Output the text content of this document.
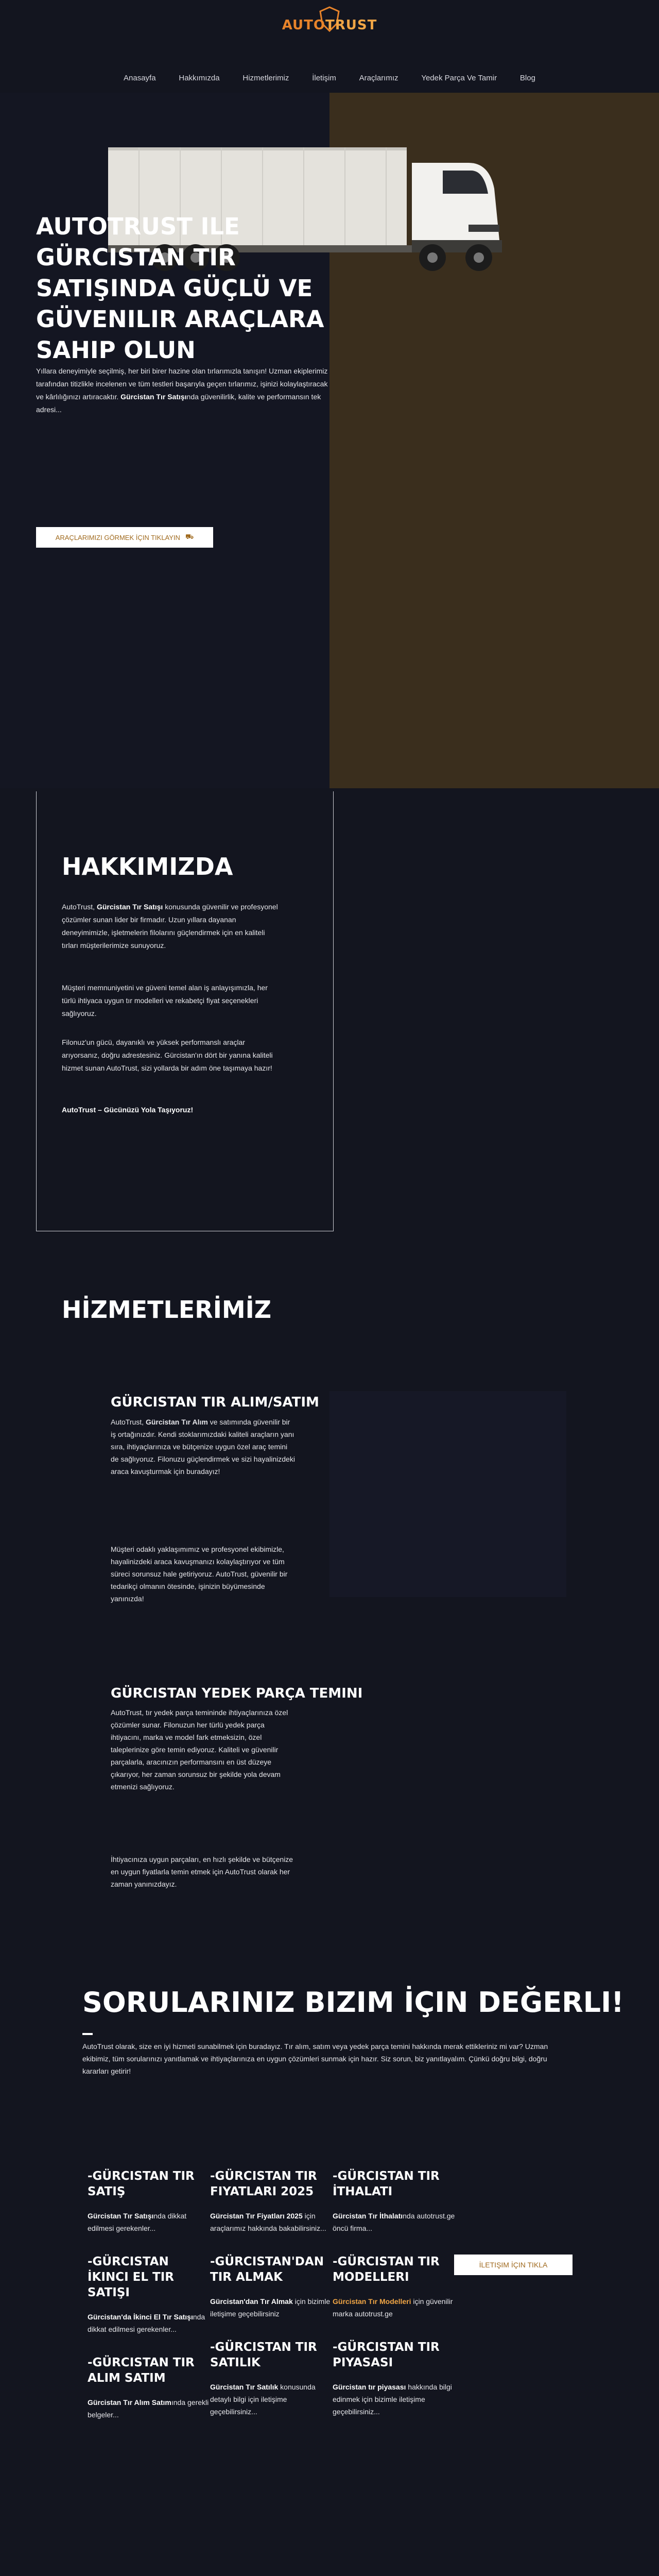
AUTOTRUST
Anasayfa	Hakkımızda	Hizmetlerimiz	İletişim	Araçlarımız	Yedek Parça Ve Tamir	Blog
AUTOTRUST ILE GÜRCISTAN TIR SATIŞINDA GÜÇLÜ VE GÜVENILIR ARAÇLARA SAHIP OLUN

Yıllara deneyimiyle seçilmiş, her biri birer hazine olan tırlarımızla tanışın! Uzman ekiplerimiz tarafından titizlikle incelenen ve tüm testleri başarıyla geçen tırlarımız, işinizi kolaylaştıracak ve kârlılığınızı artıracaktır. Gürcistan Tır Satışında güvenilirlik, kalite ve performansın tek adresi...

ARAÇLARIMIZI GÖRMEK İÇIN TIKLAYIN ⛟
HAKKIMIZDA

AutoTrust, Gürcistan Tır Satışı konusunda güvenilir ve profesyonel çözümler sunan lider bir firmadır. Uzun yıllara dayanan deneyimimizle, işletmelerin filolarını güçlendirmek için en kaliteli tırları müşterilerimize sunuyoruz.

Müşteri memnuniyetini ve güveni temel alan iş anlayışımızla, her türlü ihtiyaca uygun tır modelleri ve rekabetçi fiyat seçenekleri sağlıyoruz.

Filonuz'un gücü, dayanıklı ve yüksek performanslı araçlar arıyorsanız, doğru adrestesiniz. Gürcistan'ın dört bir yanına kaliteli hizmet sunan AutoTrust, sizi yollarda bir adım öne taşımaya hazır!

AutoTrust – Gücünüzü Yola Taşıyoruz!

HİZMETLERİMİZ
GÜRCISTAN TIR ALIM/SATIM

AutoTrust, Gürcistan Tır Alım ve satımında güvenilir bir iş ortağınızdır. Kendi stoklarımızdaki kaliteli araçların yanı sıra, ihtiyaçlarınıza ve bütçenize uygun özel araç temini de sağlıyoruz. Filonuzu güçlendirmek ve sizi hayalinizdeki araca kavuşturmak için buradayız!

Müşteri odaklı yaklaşımımız ve profesyonel ekibimizle, hayalinizdeki araca kavuşmanızı kolaylaştırıyor ve tüm süreci sorunsuz hale getiriyoruz. AutoTrust, güvenilir bir tedarikçi olmanın ötesinde, işinizin büyümesinde yanınızda!

GÜRCISTAN YEDEK PARÇA TEMINI

AutoTrust, tır yedek parça temininde ihtiyaçlarınıza özel çözümler sunar. Filonuzun her türlü yedek parça ihtiyacını, marka ve model fark etmeksizin, özel taleplerinize göre temin ediyoruz. Kaliteli ve güvenilir parçalarla, aracınızın performansını en üst düzeye çıkarıyor, her zaman sorunsuz bir şekilde yola devam etmenizi sağlıyoruz.

İhtiyacınıza uygun parçaları, en hızlı şekilde ve bütçenize en uygun fiyatlarla temin etmek için AutoTrust olarak her zaman yanınızdayız.

SORULARINIZ BIZIM İÇIN DEĞERLI!

AutoTrust olarak, size en iyi hizmeti sunabilmek için buradayız. Tır alım, satım veya yedek parça temini hakkında merak ettikleriniz mi var? Uzman ekibimiz, tüm sorularınızı yanıtlamak ve ihtiyaçlarınıza en uygun çözümleri sunmak için hazır. Siz sorun, biz yanıtlayalım. Çünkü doğru bilgi, doğru kararları getirir!

-GÜRCISTAN TIR SATIŞ
Gürcistan Tır Satışında dikkat edilmesi gerekenler...
-GÜRCISTAN İKINCI EL TIR SATIŞI
Gürcistan'da İkinci El Tır Satışında dikkat edilmesi gerekenler...
-GÜRCISTAN TIR ALIM SATIM
Gürcistan Tır Alım Satımında gerekli belgeler...
-GÜRCISTAN TIR FIYATLARI 2025
Gürcistan Tır Fiyatları 2025 için araçlarımız hakkında bakabilirsiniz...
-GÜRCISTAN'DAN TIR ALMAK
Gürcistan'dan Tır Almak için bizimle iletişime geçebilirsiniz
-GÜRCISTAN TIR SATILIK
Gürcistan Tır Satılık konusunda detaylı bilgi için iletişime geçebilirsiniz...
-GÜRCISTAN TIR İTHALATI
Gürcistan Tır İthalatında autotrust.ge öncü firma...
-GÜRCISTAN TIR MODELLERI
Gürcistan Tır Modelleri için güvenilir marka autotrust.ge
-GÜRCISTAN TIR PIYASASI
Gürcistan tır piyasası hakkında bilgi edinmek için bizimle iletişime geçebilirsiniz...
İLETIŞIM İÇIN TIKLA
